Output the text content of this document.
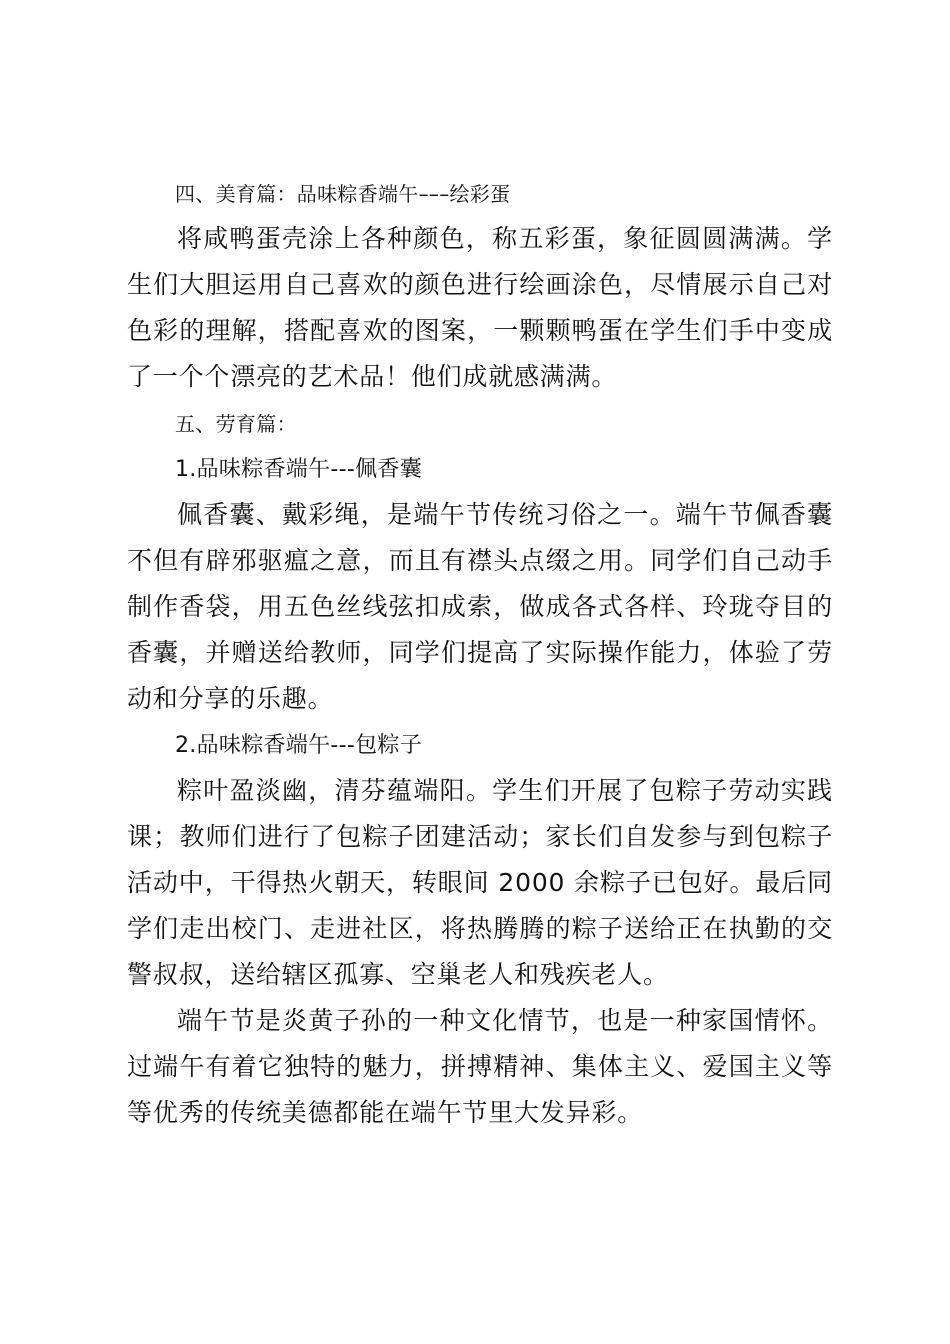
四、美育篇：品味粽香端午–––绘彩蛋

将咸鸭蛋壳涂上各种颜色，称五彩蛋，象征圆圆满满。学生们大胆运用自己喜欢的颜色进行绘画涂色，尽情展示自己对色彩的理解，搭配喜欢的图案，一颗颗鸭蛋在学生们手中变成了一个个漂亮的艺术品！他们成就感满满。

五、劳育篇：
1.品味粽香端午---佩香囊

佩香囊、戴彩绳，是端午节传统习俗之一。端午节佩香囊不但有辟邪驱瘟之意，而且有襟头点缀之用。同学们自己动手制作香袋，用五色丝线弦扣成索，做成各式各样、玲珑夺目的香囊，并赠送给教师，同学们提高了实际操作能力，体验了劳动和分享的乐趣。

2.品味粽香端午---包粽子

粽叶盈淡幽，清芬蕴端阳。学生们开展了包粽子劳动实践课；教师们进行了包粽子团建活动；家长们自发参与到包粽子活动中，干得热火朝天，转眼间 2000 余粽子已包好。最后同学们走出校门、走进社区，将热腾腾的粽子送给正在执勤的交警叔叔，送给辖区孤寡、空巢老人和残疾老人。

端午节是炎黄子孙的一种文化情节，也是一种家国情怀。过端午有着它独特的魅力，拼搏精神、集体主义、爱国主义等等优秀的传统美德都能在端午节里大发异彩。
